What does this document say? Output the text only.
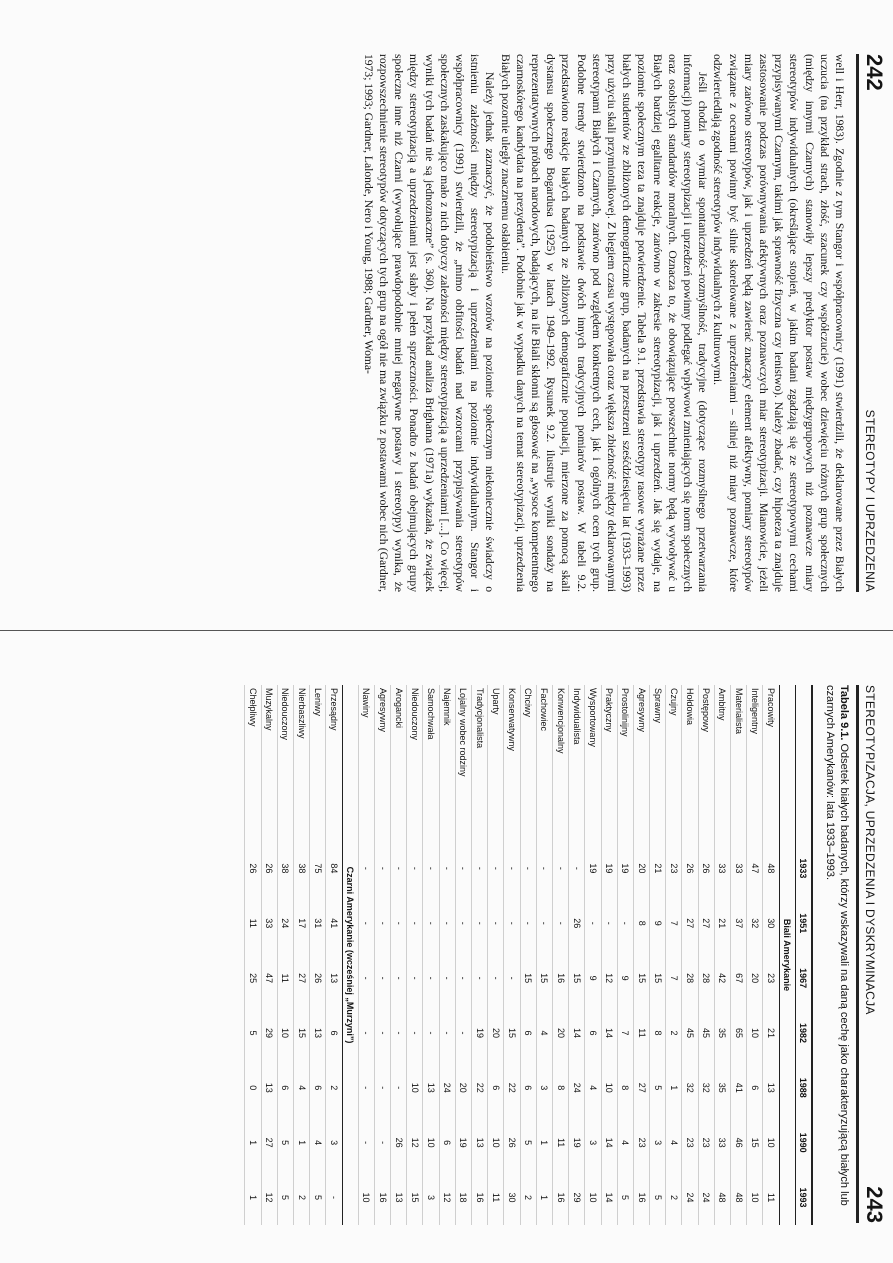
242
STEREOTYPY I UPRZEDZENIA

well i Herr, 1983). Zgodnie z tym Stangor i współpracownicy (1991) stwierdzili, że deklarowane przez Białych uczucia (na przykład strach, złość, szacunek czy współczucie) wobec dziewięciu różnych grup społecznych (między innymi Czarnych) stanowiły lepszy predyktor postaw międzygrupowych niż poznawcze miary stereotypów indywidualnych (określające stopień, w jakim badani zgadzają się ze stereotypowymi cechami przypisywanymi Czarnym, takimi jak sprawność fizyczna czy lenistwo). Należy zbadać, czy hipoteza ta znajduje zastosowanie podczas porównywania afektywnych oraz poznawczych miar stereotypizacji. Mianowicie, jeżeli miary zarówno stereotypów, jak i uprzedzeń będą zawierać znaczący element afektywny, pomiary stereotypów związane z ocenami powinny być silnie skorelowane z uprzedzeniami – silniej niż miary poznawcze, które odzwierciedlają zgodność stereotypów indywidualnych z kulturowymi.

Jeśli chodzi o wymiar spontaniczność–rozmyślność, tradycyjne (dotyczące rozmyślnego przetwarzania informacji) pomiary stereotypizacji i uprzedzeń powinny podlegać wpływowi zmieniających się norm społecznych oraz osobistych standardów moralnych. Oznacza to, że obowiązujące powszechnie normy będą wywoływać u Białych bardziej egalitarne reakcje, zarówno w zakresie stereotypizacji, jak i uprzedzeń. Jak się wydaje, na poziomie społecznym teza ta znajduje potwierdzenie. Tabela 9.1. przedstawia stereotypy rasowe wyrażane przez białych studentów ze zbliżonych demograficznie grup, badanych na przestrzeni sześćdziesięciu lat (1933–1993) przy użyciu skali przymiotnikowej. Z biegiem czasu występowała coraz większa zbieżność między deklarowanymi stereotypami Białych i Czarnych, zarówno pod względem konkretnych cech, jak i ogólnych ocen tych grup. Podobne trendy stwierdzono na podstawie dwóch innych tradycyjnych pomiarów postaw. W tabeli 9.2. przedstawiono reakcje białych badanych ze zbliżonych demograficznie populacji, mierzone za pomocą skali dystansu społecznego Bogardusa (1925) w latach 1949–1992. Rysunek 9.2. ilustruje wyniki sondaży na reprezentatywnych próbach narodowych, badających, na ile Biali skłonni są głosować na „wysoce kompetentnego czarnoskórego kandydata na prezydenta”. Podobnie jak w wypadku danych na temat stereotypizacji, uprzedzenia Białych pozornie uległy znacznemu osłabieniu.

Należy jednak zaznaczyć, że podobieństwo wzorów na poziomie społecznym niekoniecznie świadczy o istnieniu zależności między stereotypizacją i uprzedzeniami na poziomie indywidualnym. Stangor i współpracownicy (1991) stwierdzili, że „mimo obfitości badań nad wzorcami przypisywania stereotypów społecznych zaskakująco mało z nich dotyczy zależności między stereotypizacją a uprzedzeniami [...]. Co więcej, wyniki tych badań nie są jednoznaczne” (s. 360). Na przykład analiza Brighama (1971a) wykazała, że związek między stereotypizacją a uprzedzeniami jest słaby i pełen sprzeczności. Ponadto z badań obejmujących grupy społeczne inne niż Czarni (wywołujące prawdopodobnie mniej negatywne postawy i stereotypy) wynika, że rozpowszechnienie stereotypów dotyczących tych grup na ogół nie ma związku z postawami wobec nich (Gardner, 1973; 1993; Gardner, Lalonde, Nero i Young, 1988; Gardner, Woma-

STEREOTYPIZACJA, UPRZEDZENIA I DYSKRYMINACJA
243
Tabela 9.1. Odsetek białych badanych, którzy wskazywali na daną cechę jako charakteryzującą białych lub czarnych Amerykanów: lata 1933–1993.
	1933	1951	1967	1982	1988	1990	1993
Biali Amerykanie							
Pracowity	48	30	23	21	13	10	11
Inteligentny	47	32	20	10	6	15	10
Materialista	33	37	67	65	41	46	48
Ambitny	33	21	42	35	35	33	48
Postępowy	26	27	28	45	32	23	24
Hołdowia	26	27	28	45	32	23	24
Czujny	23	7	7	2	1	4	2
Sprawny	21	9	15	8	5	3	5
Agresywny	20	8	15	11	27	23	16
Prostolinijny	19	-	9	7	8	4	5
Praktyczny	19	-	12	14	10	14	14
Wysportowany	19	-	9	6	4	3	10
Indywidualista	-	26	15	14	24	19	29
Konwencjonalny	-	-	16	20	8	11	16
Fachowiec	-	-	15	4	3	1	1
Chciwy	-	-	15	6	6	5	2
Konserwatywny	-	-	-	15	22	26	30
Uparty	-	-	-	20	6	10	11
Tradycjonalista	-	-	-	19	22	13	16
Lojalny wobec rodziny	-	-	-	-	20	19	18
Najemnik	-	-	-	-	24	6	12
Samochwała	-	-	-	-	13	10	3
Niedouczony	-	-	-	-	10	12	15
Arogancki	-	-	-	-	-	26	13
Agresywny	-	-	-	-	-	-	16
Nawiny	-	-	-	-	-	-	10
Czarni Amerykanie (wcześniej „Murzyni”)							
Przesądny	84	41	13	6	2	3	-
Leniwy	75	31	26	13	6	4	5
Nierbaszliwy	38	17	27	15	4	1	2
Niedouczony	38	24	11	10	6	5	5
Muzykalny	26	33	47	29	13	27	12
Chełpliwy	26	11	25	5	0	1	1
